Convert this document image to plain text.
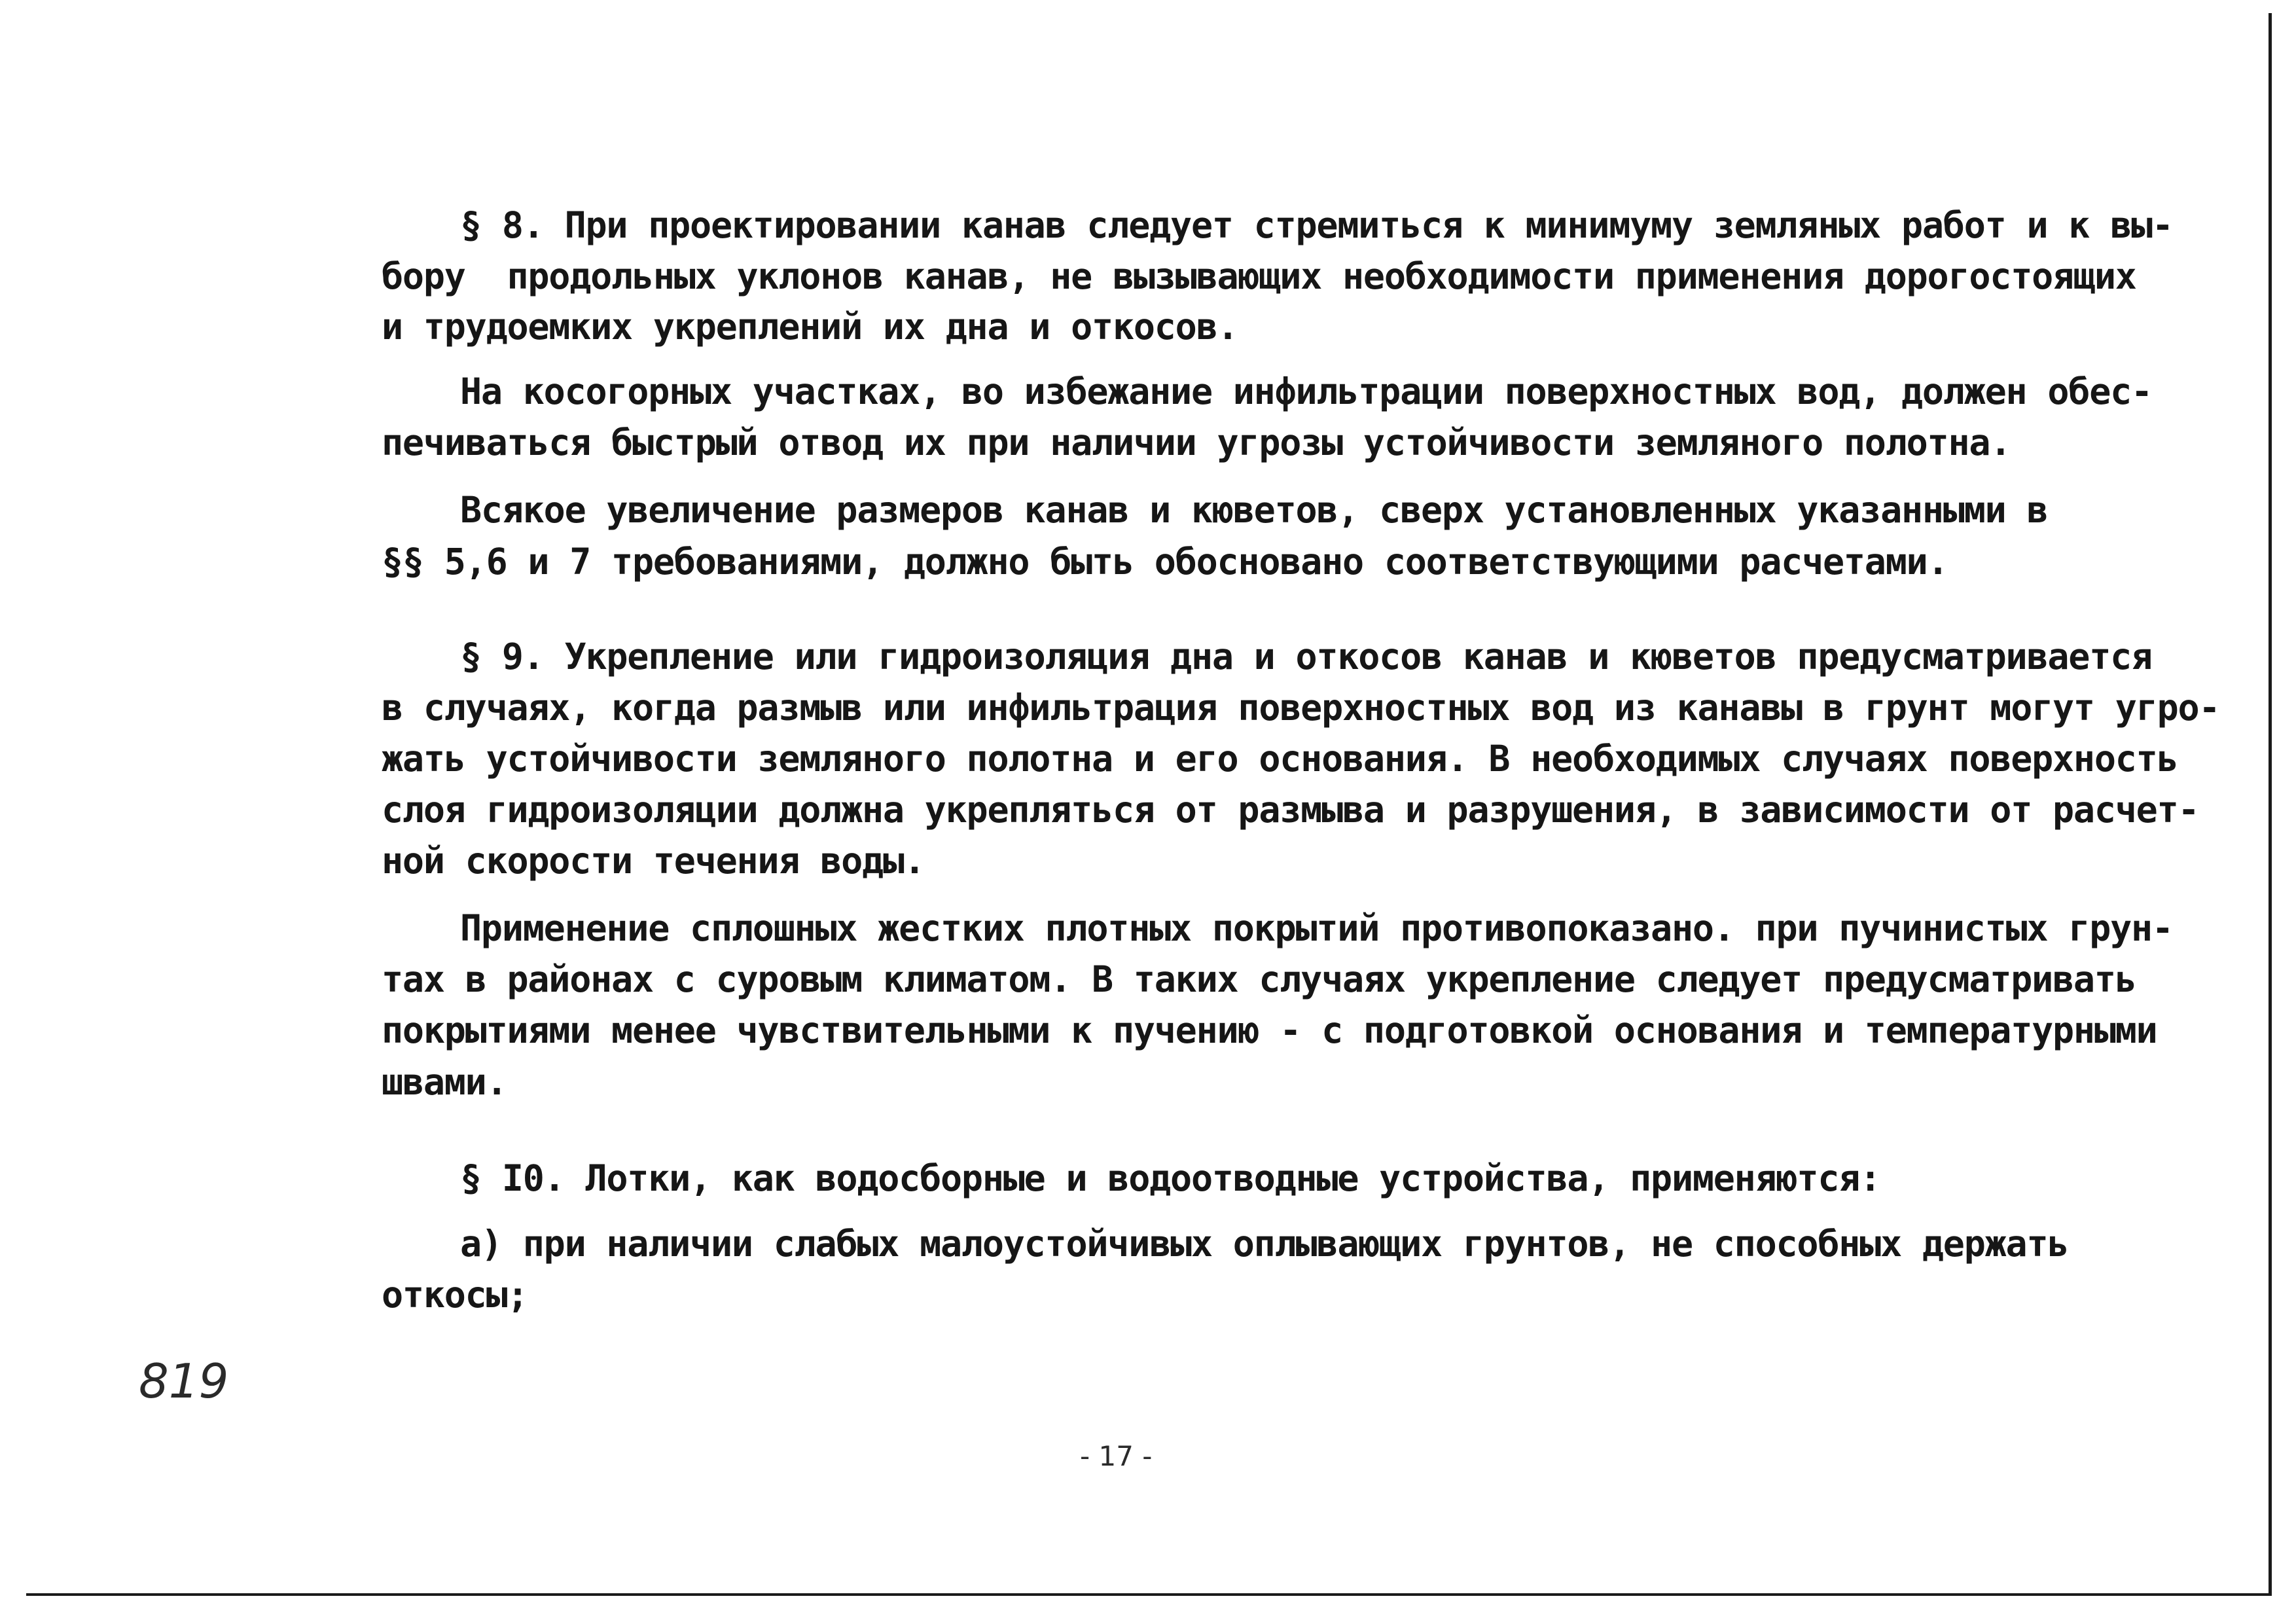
§ 8. При проектировании канав следует стремиться к минимуму земляных работ и к вы-
бору  продольных уклонов канав, не вызывающих необходимости применения дорогостоящих
и трудоемких укреплений их дна и откосов.
На косогорных участках, во избежание инфильтрации поверхностных вод, должен обес-
печиваться быстрый отвод их при наличии угрозы устойчивости земляного полотна.
Всякое увеличение размеров канав и кюветов, сверх установленных указанными в
§§ 5,6 и 7 требованиями, должно быть обосновано соответствующими расчетами.
§ 9. Укрепление или гидроизоляция дна и откосов канав и кюветов предусматривается
в случаях, когда размыв или инфильтрация поверхностных вод из канавы в грунт могут угро-
жать устойчивости земляного полотна и его основания. В необходимых случаях поверхность
слоя гидроизоляции должна укрепляться от размыва и разрушения, в зависимости от расчет-
ной скорости течения воды.
Применение сплошных жестких плотных покрытий противопоказано. при пучинистых грун-
тах в районах с суровым климатом. В таких случаях укрепление следует предусматривать
покрытиями менее чувствительными к пучению - с подготовкой основания и температурными
швами.
§ I0. Лотки, как водосборные и водоотводные устройства, применяются:
а) при наличии слабых малоустойчивых оплывающих грунтов, не способных держать
откосы;
819
- 17 -
